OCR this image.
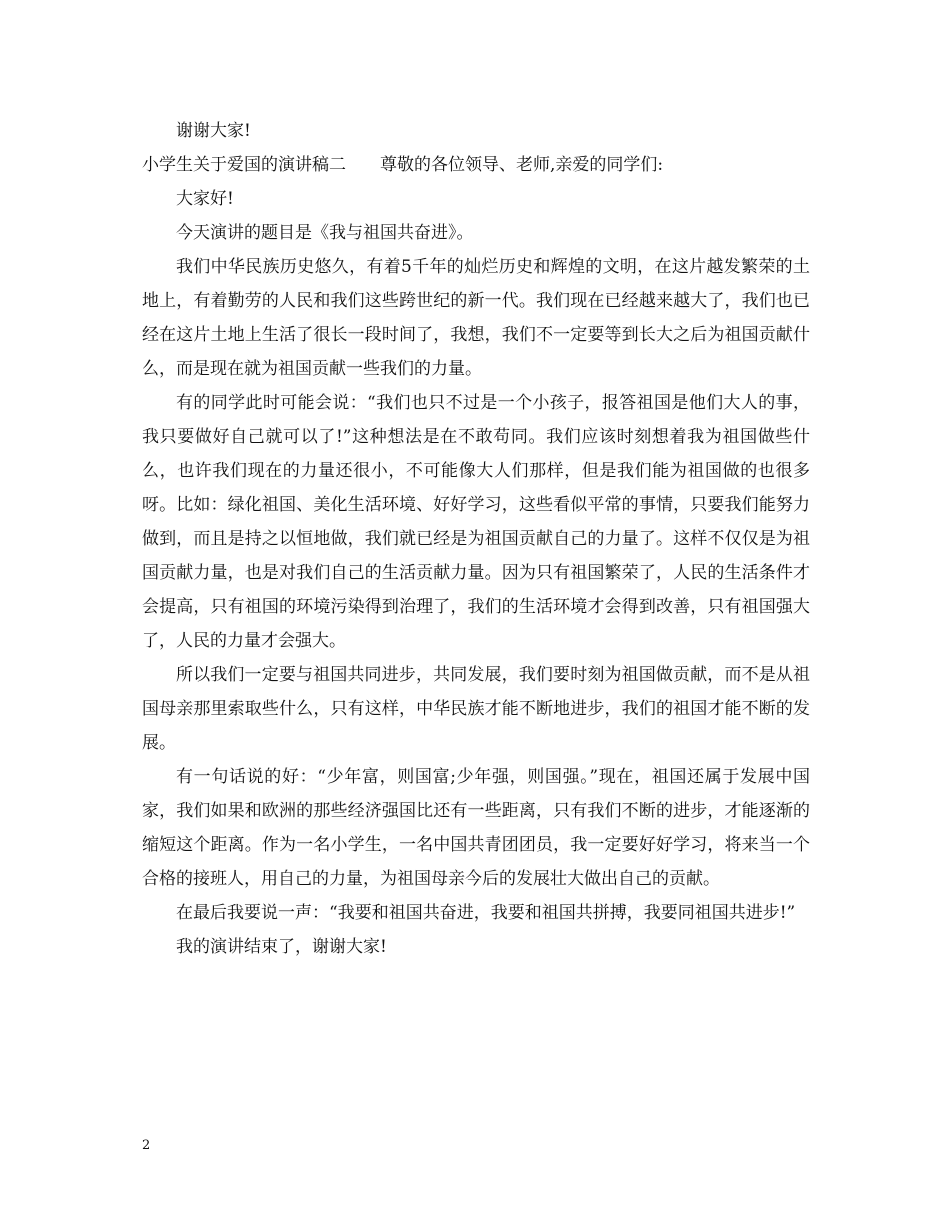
谢谢大家!

小学生关于爱国的演讲稿二　　尊敬的各位领导、老师,亲爱的同学们:

大家好!

今天演讲的题目是《我与祖国共奋进》。

我们中华民族历史悠久，有着5千年的灿烂历史和辉煌的文明，在这片越发繁荣的土地上，有着勤劳的人民和我们这些跨世纪的新一代。我们现在已经越来越大了，我们也已经在这片土地上生活了很长一段时间了，我想，我们不一定要等到长大之后为祖国贡献什么，而是现在就为祖国贡献一些我们的力量。

有的同学此时可能会说：“我们也只不过是一个小孩子，报答祖国是他们大人的事，我只要做好自己就可以了!”这种想法是在不敢苟同。我们应该时刻想着我为祖国做些什么，也许我们现在的力量还很小，不可能像大人们那样，但是我们能为祖国做的也很多呀。比如：绿化祖国、美化生活环境、好好学习，这些看似平常的事情，只要我们能努力做到，而且是持之以恒地做，我们就已经是为祖国贡献自己的力量了。这样不仅仅是为祖国贡献力量，也是对我们自己的生活贡献力量。因为只有祖国繁荣了，人民的生活条件才会提高，只有祖国的环境污染得到治理了，我们的生活环境才会得到改善，只有祖国强大了，人民的力量才会强大。

所以我们一定要与祖国共同进步，共同发展，我们要时刻为祖国做贡献，而不是从祖国母亲那里索取些什么，只有这样，中华民族才能不断地进步，我们的祖国才能不断的发展。

有一句话说的好：“少年富，则国富;少年强，则国强。”现在，祖国还属于发展中国家，我们如果和欧洲的那些经济强国比还有一些距离，只有我们不断的进步，才能逐渐的缩短这个距离。作为一名小学生，一名中国共青团团员，我一定要好好学习，将来当一个合格的接班人，用自己的力量，为祖国母亲今后的发展壮大做出自己的贡献。

在最后我要说一声：“我要和祖国共奋进，我要和祖国共拼搏，我要同祖国共进步!”

我的演讲结束了，谢谢大家!

2
